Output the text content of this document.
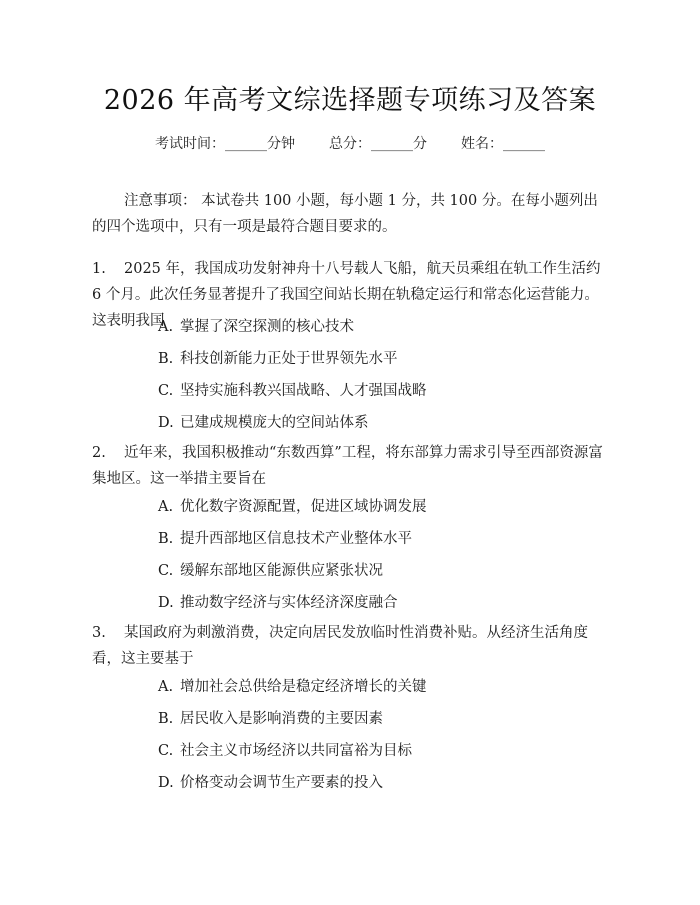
2026 年高考文综选择题专项练习及答案
考试时间：______分钟 总分：______分 姓名：______
注意事项： 本试卷共 100 小题，每小题 1 分，共 100 分。在每小题列出的四个选项中，只有一项是最符合题目要求的。
1. 2025 年，我国成功发射神舟十八号载人飞船，航天员乘组在轨工作生活约 6 个月。此次任务显著提升了我国空间站长期在轨稳定运行和常态化运营能力。这表明我国
A. 掌握了深空探测的核心技术
B. 科技创新能力正处于世界领先水平
C. 坚持实施科教兴国战略、人才强国战略
D. 已建成规模庞大的空间站体系
2. 近年来，我国积极推动“东数西算”工程，将东部算力需求引导至西部资源富集地区。这一举措主要旨在
A. 优化数字资源配置，促进区域协调发展
B. 提升西部地区信息技术产业整体水平
C. 缓解东部地区能源供应紧张状况
D. 推动数字经济与实体经济深度融合
3. 某国政府为刺激消费，决定向居民发放临时性消费补贴。从经济生活角度看，这主要基于
A. 增加社会总供给是稳定经济增长的关键
B. 居民收入是影响消费的主要因素
C. 社会主义市场经济以共同富裕为目标
D. 价格变动会调节生产要素的投入
